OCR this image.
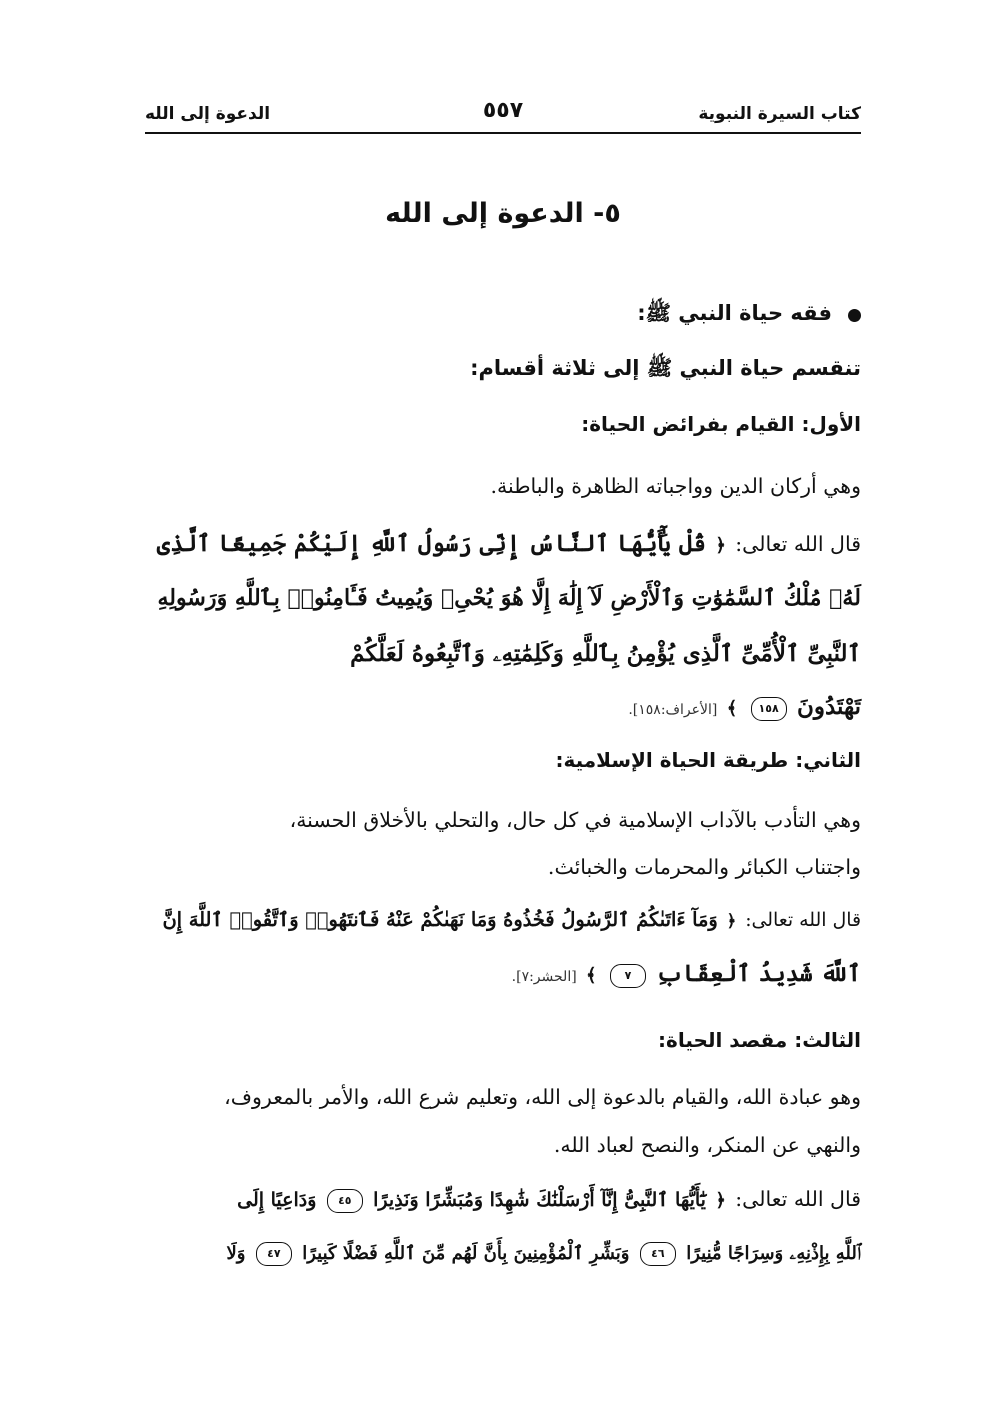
كتاب السيرة النبوية
٥٥٧
الدعوة إلى الله
٥- الدعوة إلى الله
فقه حياة النبي ﷺ:
تنقسم حياة النبي ﷺ إلى ثلاثة أقسام:
الأول: القيام بفرائض الحياة:
وهي أركان الدين وواجباته الظاهرة والباطنة.
قال الله تعالى: ﴿ قُلْ يَٰٓأَيُّهَا ٱلنَّاسُ إِنِّى رَسُولُ ٱللَّهِ إِلَيْكُمْ جَمِيعًا ٱلَّذِى
لَهُۥ مُلْكُ ٱلسَّمَٰوَٰتِ وَٱلْأَرْضِ لَآ إِلَٰهَ إِلَّا هُوَ يُحْىِۦ وَيُمِيتُ فَـَٔامِنُوا۟ بِٱللَّهِ وَرَسُولِهِ
ٱلنَّبِىِّ ٱلْأُمِّىِّ ٱلَّذِى يُؤْمِنُ بِٱللَّهِ وَكَلِمَٰتِهِۦ وَٱتَّبِعُوهُ لَعَلَّكُمْ
تَهْتَدُونَ ١٥٨ ﴾ [الأعراف:١٥٨].
الثاني: طريقة الحياة الإسلامية:
وهي التأدب بالآداب الإسلامية في كل حال، والتحلي بالأخلاق الحسنة،
واجتناب الكبائر والمحرمات والخبائث.
قال الله تعالى: ﴿ وَمَآ ءَاتَىٰكُمُ ٱلرَّسُولُ فَخُذُوهُ وَمَا نَهَىٰكُمْ عَنْهُ فَٱنتَهُوا۟ وَٱتَّقُوا۟ ٱللَّهَ إِنَّ
ٱللَّهَ شَدِيدُ ٱلْعِقَابِ ٧ ﴾ [الحشر:٧].
الثالث: مقصد الحياة:
وهو عبادة الله، والقيام بالدعوة إلى الله، وتعليم شرع الله، والأمر بالمعروف،
والنهي عن المنكر، والنصح لعباد الله.
قال الله تعالى: ﴿ يَٰٓأَيُّهَا ٱلنَّبِىُّ إِنَّآ أَرْسَلْنَٰكَ شَٰهِدًا وَمُبَشِّرًا وَنَذِيرًا ٤٥ وَدَاعِيًا إِلَى
ٱللَّهِ بِإِذْنِهِۦ وَسِرَاجًا مُّنِيرًا ٤٦ وَبَشِّرِ ٱلْمُؤْمِنِينَ بِأَنَّ لَهُم مِّنَ ٱللَّهِ فَضْلًا كَبِيرًا ٤٧ وَلَا
